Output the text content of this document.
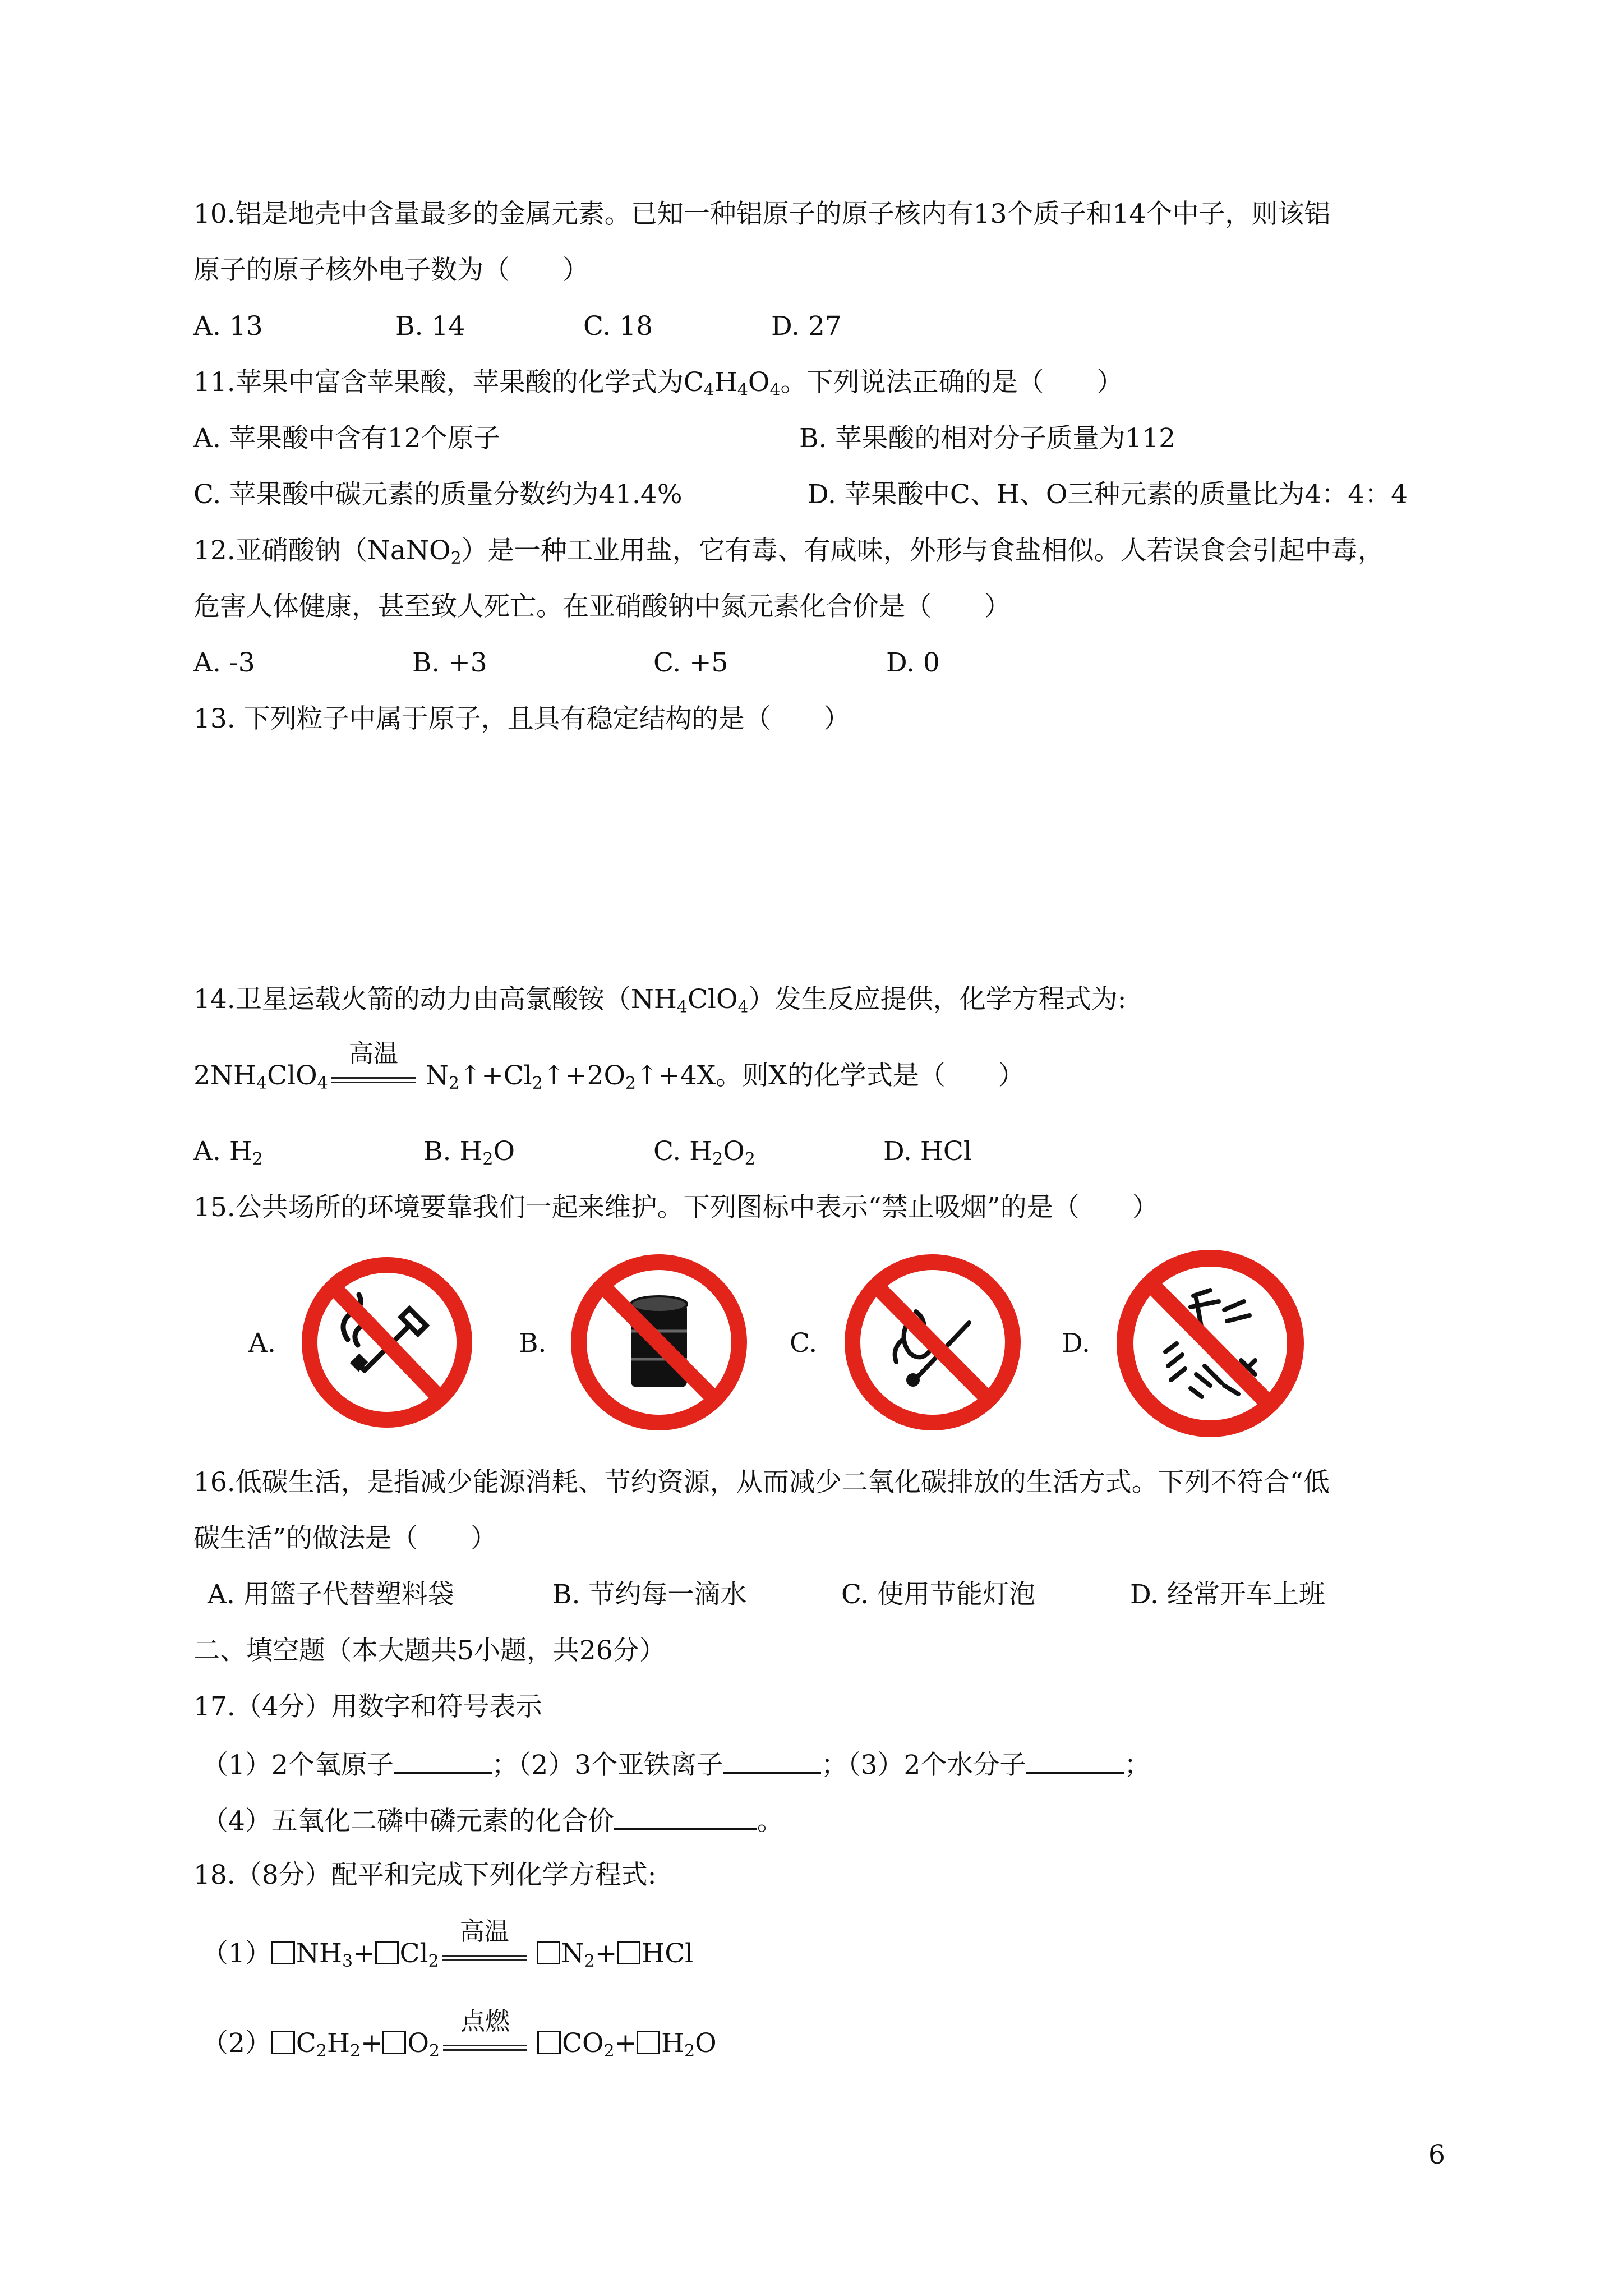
10.铝是地壳中含量最多的金属元素。已知一种铝原子的原子核内有13个质子和14个中子，则该铝
原子的原子核外电子数为（　　）
A. 13	B. 14	C. 18	D. 27
11.苹果中富含苹果酸，苹果酸的化学式为$C_4H_4O_4$。下列说法正确的是（　　）
A. 苹果酸中含有12个原子	B. 苹果酸的相对分子质量为112
C. 苹果酸中碳元素的质量分数约为41.4%	D. 苹果酸中C、H、O三种元素的质量比为4：4：4
12.亚硝酸钠（NaNO$_2$）是一种工业用盐，它有毒、有咸味，外形与食盐相似。人若误食会引起中毒，
危害人体健康，甚至致人死亡。在亚硝酸钠中氮元素化合价是（　　）
A. -3	B. +3	C. +5	D. 0
13. 下列粒子中属于原子，且具有稳定结构的是（　　）
14.卫星运载火箭的动力由高氯酸铵$(NH_4ClO_4)$发生反应提供，化学方程式为:
$2NH_4ClO_4$
高温
$N_2↑+Cl_2↑+2O_2↑+4X$。则X的化学式是（　　）
A. $H_2$	B. $H_2O$	C. $H_2O_2$	D. HCl
15.公共场所的环境要靠我们一起来维护。下列图标中表示“禁止吸烟”的是（　　）
A.	B.	C.	D.
16.低碳生活，是指减少能源消耗、节约资源，从而减少二氧化碳排放的生活方式。下列不符合“低
碳生活”的做法是（　　）
A. 用篮子代替塑料袋	B. 节约每一滴水	C. 使用节能灯泡	D. 经常开车上班
二、填空题（本大题共5小题，共26分）
17.（4分）用数字和符号表示
（1）2个氧原子	；（2）3个亚铁离子	；（3）2个水分子	；
（4）五氧化二磷中磷元素的化合价	。
18.（8分）配平和完成下列化学方程式:
（1） $NH_3+ Cl_2$
高温
$N_2+$ HCl
（2） $C_2H_2+ O_2$
点燃
$CO_2+ H_2O$
6
